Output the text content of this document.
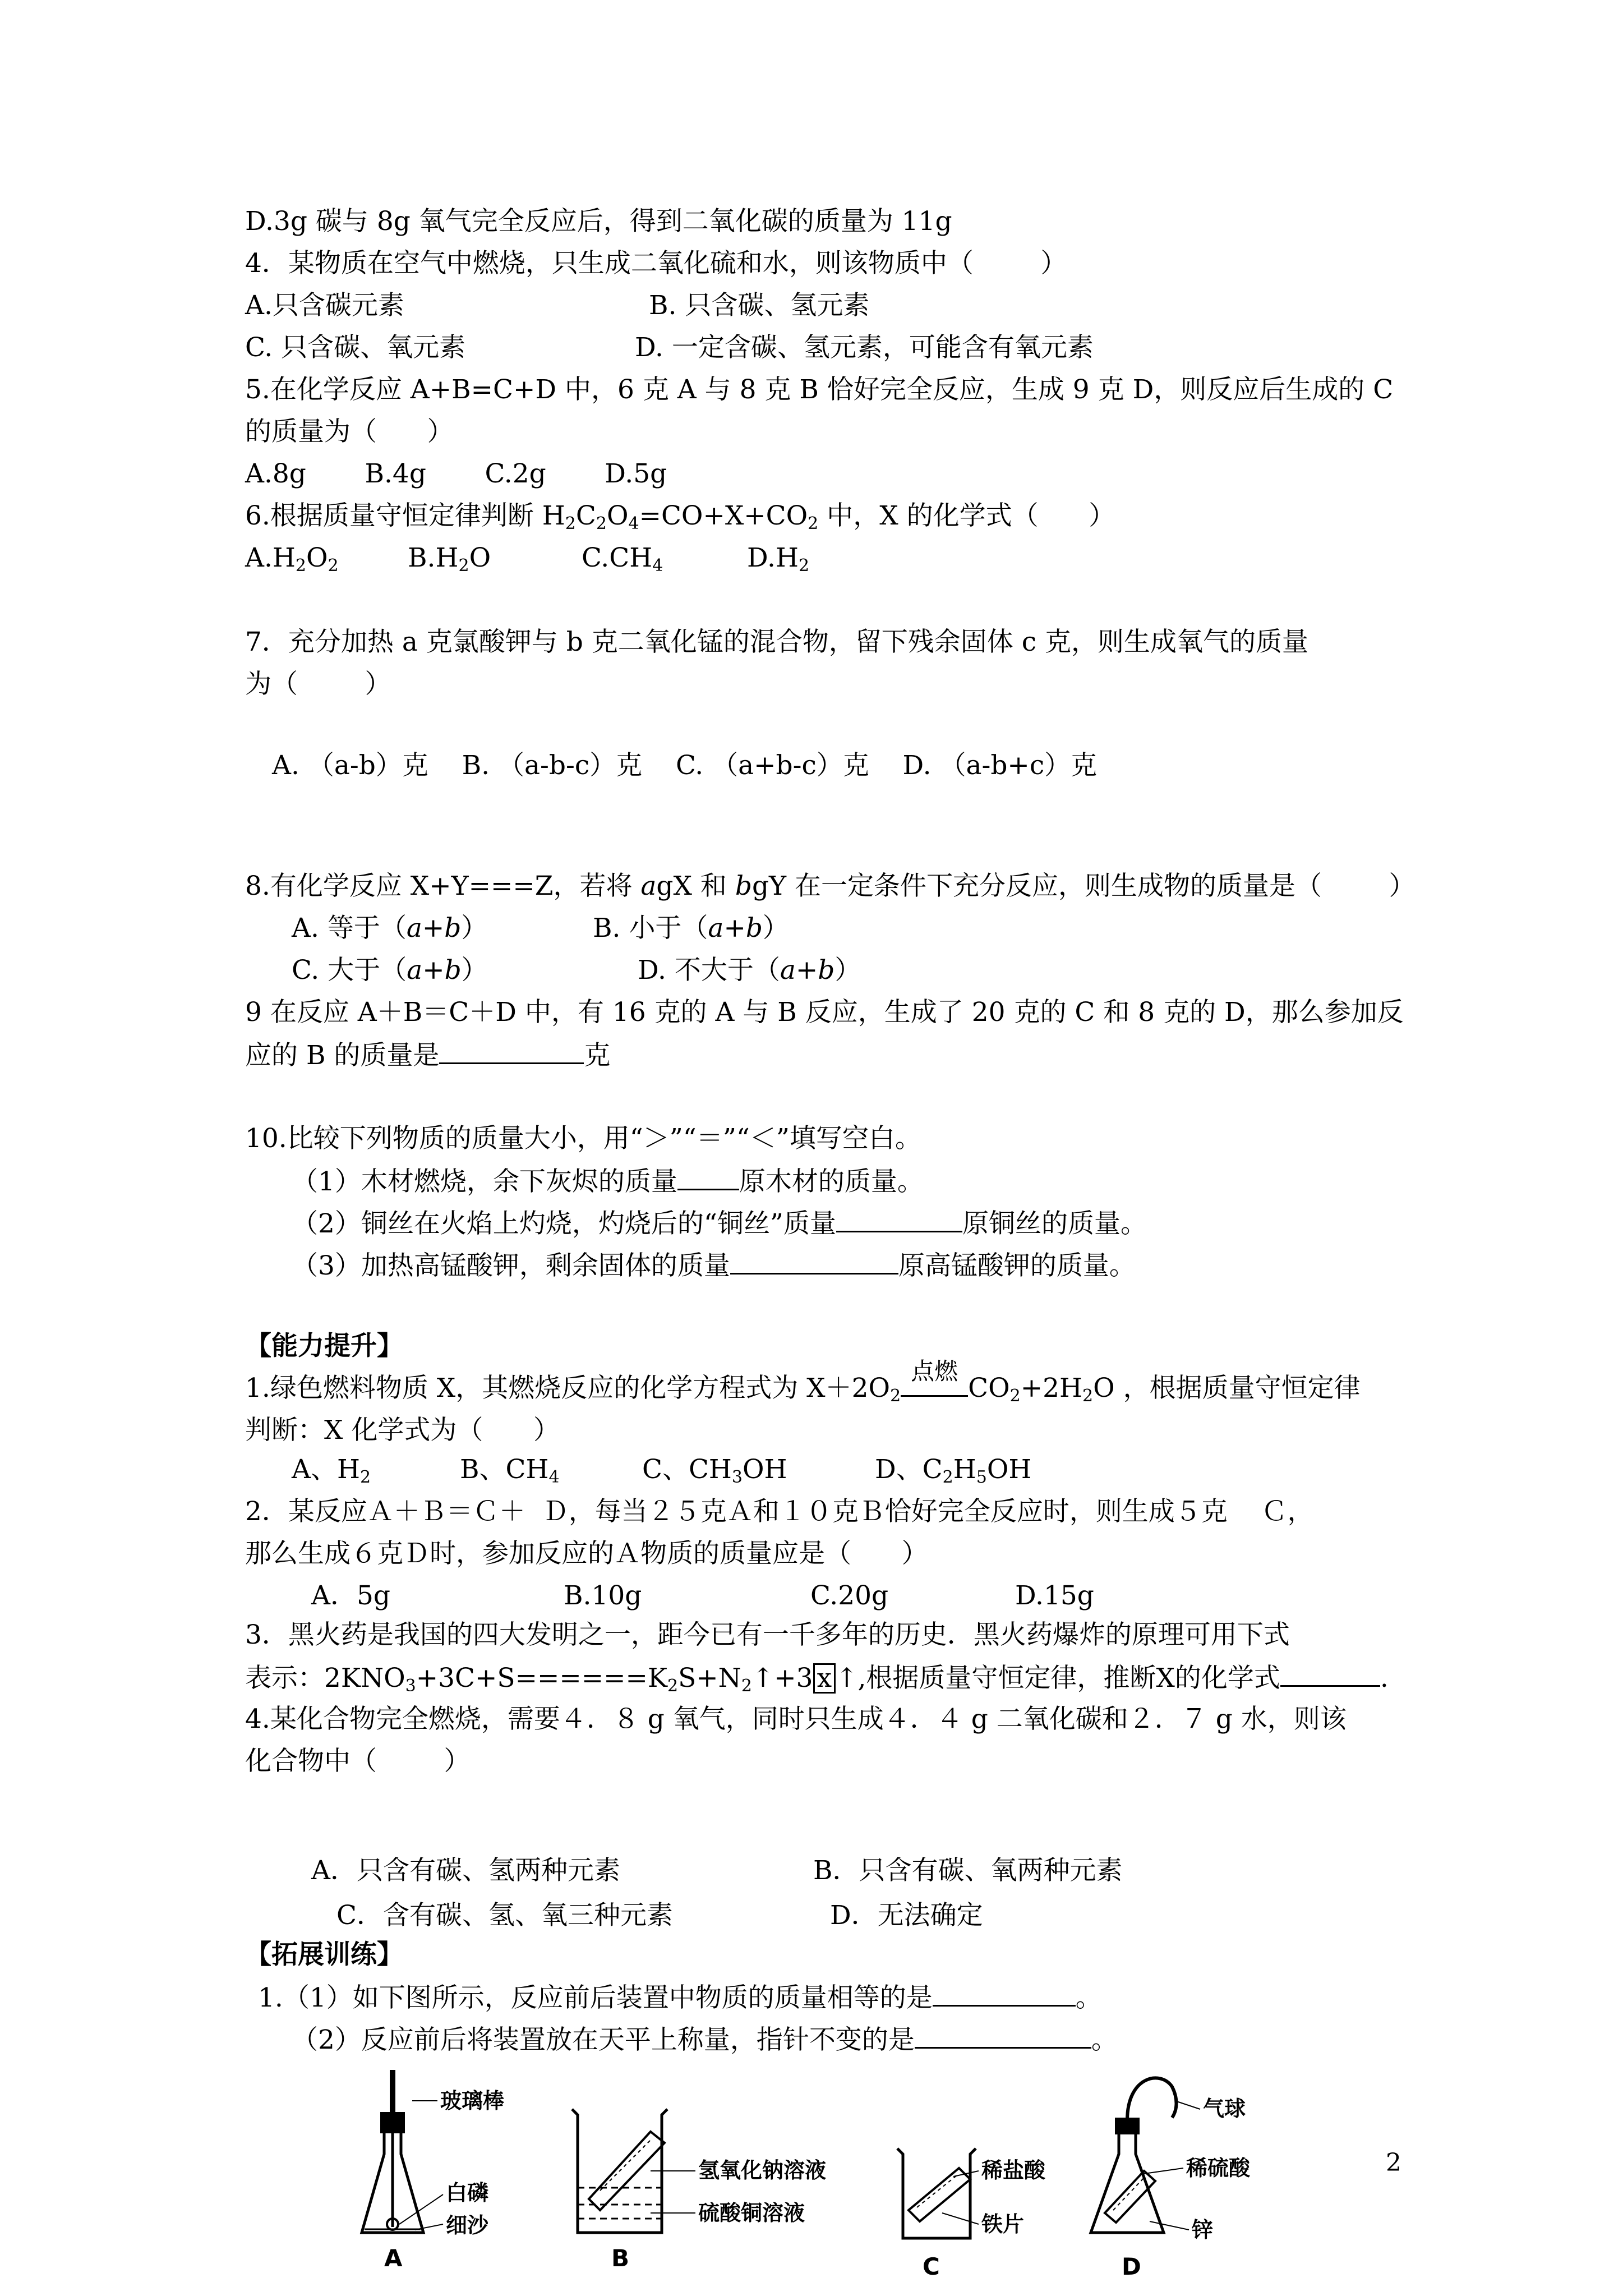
D.3g 碳与 8g 氧气完全反应后，得到二氧化碳的质量为 11g
4．某物质在空气中燃烧，只生成二氧化硫和水，则该物质中（        ）
A.只含碳元素	B. 只含碳、氢元素
C. 只含碳、氧元素	D. 一定含碳、氢元素，可能含有氧元素
5.在化学反应 A+B=C+D 中，6 克 A 与 8 克 B 恰好完全反应，生成 9 克 D，则反应后生成的 C
的质量为（      ）
A.8g       B.4g       C.2g       D.5g
6.根据质量守恒定律判断 $H_2C_2O_4=CO+X+CO_2$ 中，X 的化学式（      ）
$A.H_2O_2$	$B.H_2O$	$C.CH_4$	$D.H_2$
7．充分加热 a 克氯酸钾与 b 克二氧化锰的混合物，留下残余固体 c 克，则生成氧气的质量
为（        ）
A. （a-b）克    B. （a-b-c）克    C. （a+b-c）克    D. （a-b+c）克
8.有化学反应 X+Y===Z，若将 agX 和 bgY 在一定条件下充分反应，则生成物的质量是（        ）
A. 等于（a+b）	B. 小于（a+b）
C. 大于（a+b）	D. 不大于（a+b）
9 在反应 A＋B＝C＋D 中，有 16 克的 A 与 B 反应，生成了 20 克的 C 和 8 克的 D，那么参加反
应的 B 的质量是	克
10.比较下列物质的质量大小，用“＞”“＝”“＜”填写空白。
（1）木材燃烧，余下灰烬的质量 原木材的质量。
（2）铜丝在火焰上灼烧，灼烧后的“铜丝”质量	原铜丝的质量。
（3）加热高锰酸钾，剩余固体的质量	原高锰酸钾的质量。
【能力提升】
1.绿色燃料物质 X，其燃烧反应的化学方程式为 $X+2O_2$
点燃
$CO_2+2H_2O$ ，根据质量守恒定律
判断：X 化学式为（      ）
A、$H_2$	B、$CH_4$	C、$CH_3OH$	D、$C_2H_5OH$
2．某反应Ａ＋Ｂ＝Ｃ＋  Ｄ，每当２５克Ａ和１０克Ｂ恰好完全反应时，则生成５克    Ｃ，
那么生成６克Ｄ时，参加反应的Ａ物质的质量应是（      ）
A．5g	B.10g	C.20g	D.15g
3．黑火药是我国的四大发明之一，距今已有一千多年的历史．黑火药爆炸的原理可用下式
表示：$2KNO_3+3C+S======K_2S+N_2↑+3$ x ↑,根据质量守恒定律，推断X的化学式	.
4.某化合物完全燃烧，需要４．８ g 氧气，同时只生成４．４ g 二氧化碳和２．７ g 水，则该
化合物中（        ）
A．只含有碳、氢两种元素	B．只含有碳、氧两种元素
C．含有碳、氢、氧三种元素	D．无法确定
【拓展训练】
1.（1）如下图所示，反应前后装置中物质的质量相等的是	。
（2）反应前后将装置放在天平上称量，指针不变的是	。
2
玻璃棒
白磷
细沙
A
氢氧化钠溶液
硫酸铜溶液
B
稀盐酸
铁片
C
气球
稀硫酸
锌
D
